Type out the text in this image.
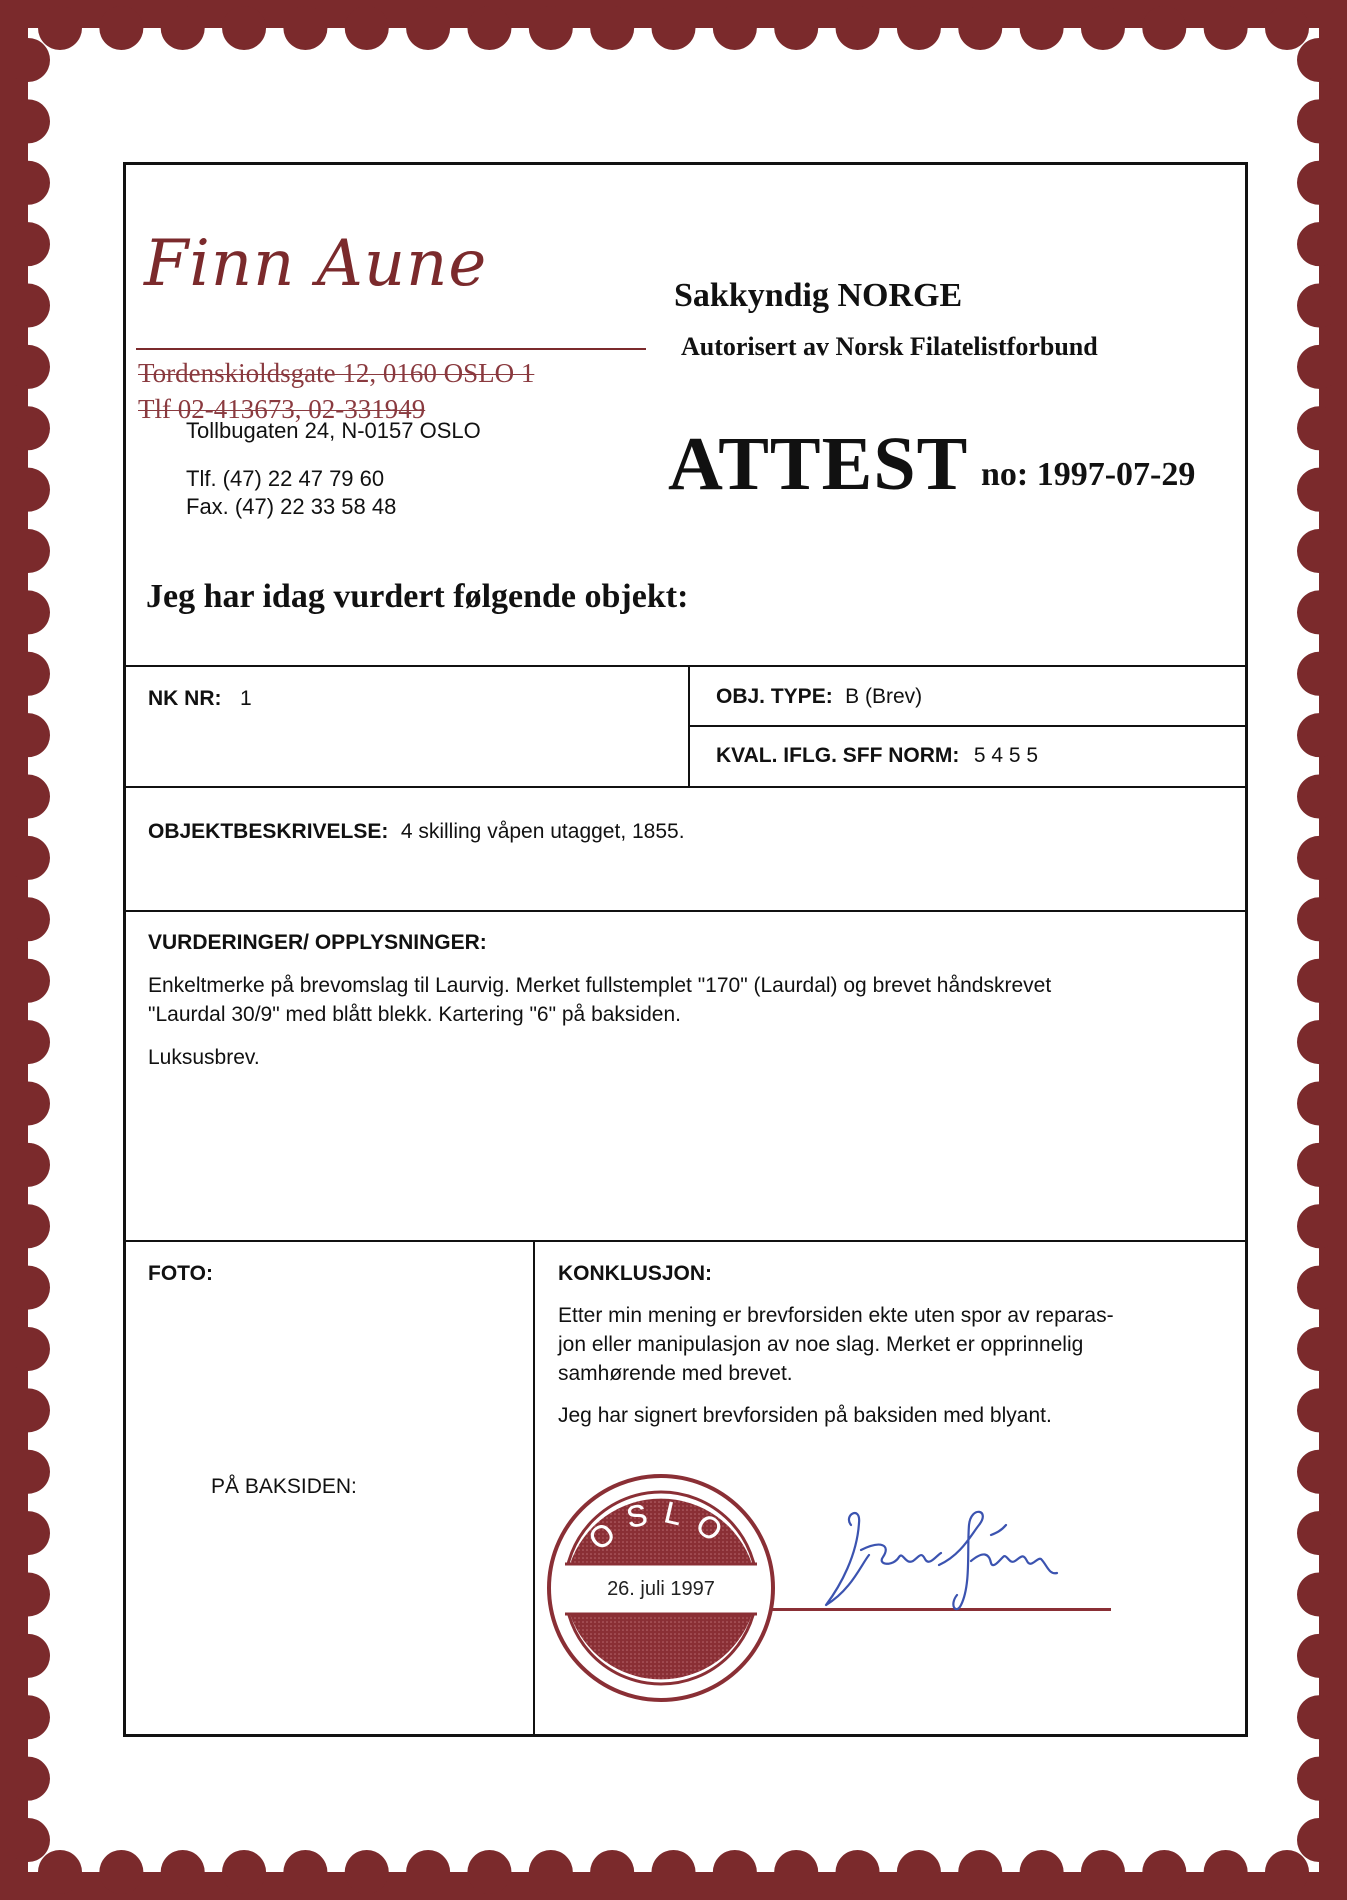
Finn Aune
Tordenskioldsgate 12, 0160 OSLO 1
Tlf 02-413673, 02-331949
Tollbugaten 24, N-0157 OSLO
Tlf. (47) 22 47 79 60
Fax. (47) 22 33 58 48
Sakkyndig NORGE
Autorisert av Norsk Filatelistforbund
ATTEST no: 1997-07-29
Jeg har idag vurdert følgende objekt:
NK NR: 1	OBJ. TYPE: B (Brev)
KVAL. IFLG. SFF NORM: 5 4 5 5
OBJEKTBESKRIVELSE: 4 skilling våpen utagget, 1855.
VURDERINGER/ OPPLYSNINGER:
Enkeltmerke på brevomslag til Laurvig. Merket fullstemplet "170" (Laurdal) og brevet håndskrevet
"Laurdal 30/9" med blått blekk. Kartering "6" på baksiden.
Luksusbrev.
FOTO:
PÅ BAKSIDEN:
KONKLUSJON:
Etter min mening er brevforsiden ekte uten spor av reparas-
jon eller manipulasjon av noe slag. Merket er opprinnelig
samhørende med brevet.
Jeg har signert brevforsiden på baksiden med blyant.
OSLO
26. juli 1997
